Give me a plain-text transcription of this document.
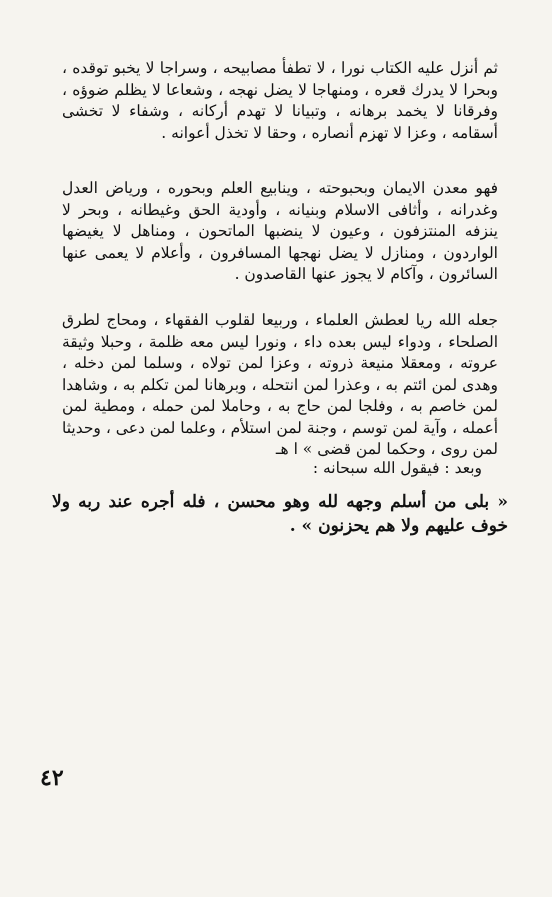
ثم أنزل عليه الكتاب نورا ، لا تطفأ مصابيحه ، وسراجا لا يخبو توقده ، وبحرا لا يدرك قعره ، ومنهاجا لا يضل نهجه ، وشعاعا لا يظلم ضوؤه ، وفرقانا لا يخمد برهانه ، وتبيانا لا تهدم أركانه ، وشفاء لا تخشى أسقامه ، وعزا لا تهزم أنصاره ، وحقا لا تخذل أعوانه .

فهو معدن الايمان وبحبوحته ، وينابيع العلم وبحوره ، ورياض العدل وغدرانه ، وأثافى الاسلام وبنيانه ، وأودية الحق وغيطانه ، وبحر لا ينزفه المنتزفون ، وعيون لا ينضبها الماتحون ، ومناهل لا يغيضها الواردون ، ومنازل لا يضل نهجها المسافرون ، وأعلام لا يعمى عنها السائرون ، وآكام لا يجوز عنها القاصدون .

جعله الله ريا لعطش العلماء ، وربيعا لقلوب الفقهاء ، ومحاج لطرق الصلحاء ، ودواء ليس بعده داء ، ونورا ليس معه ظلمة ، وحبلا وثيقة عروته ، ومعقلا منيعة ذروته ، وعزا لمن تولاه ، وسلما لمن دخله ، وهدى لمن ائتم به ، وعذرا لمن انتحله ، وبرهانا لمن تكلم به ، وشاهدا لمن خاصم به ، وفلجا لمن حاج به ، وحاملا لمن حمله ، ومطية لمن أعمله ، وآية لمن توسم ، وجنة لمن استلأم ، وعلما لمن دعى ، وحديثا لمن روى ، وحكما لمن قضى » ا هـ

وبعد : فيقول الله سبحانه :

« بلى من أسلم وجهه لله وهو محسن ، فله أجره عند ربه ولا خوف عليهم ولا هم يحزنون » .

٤٢
